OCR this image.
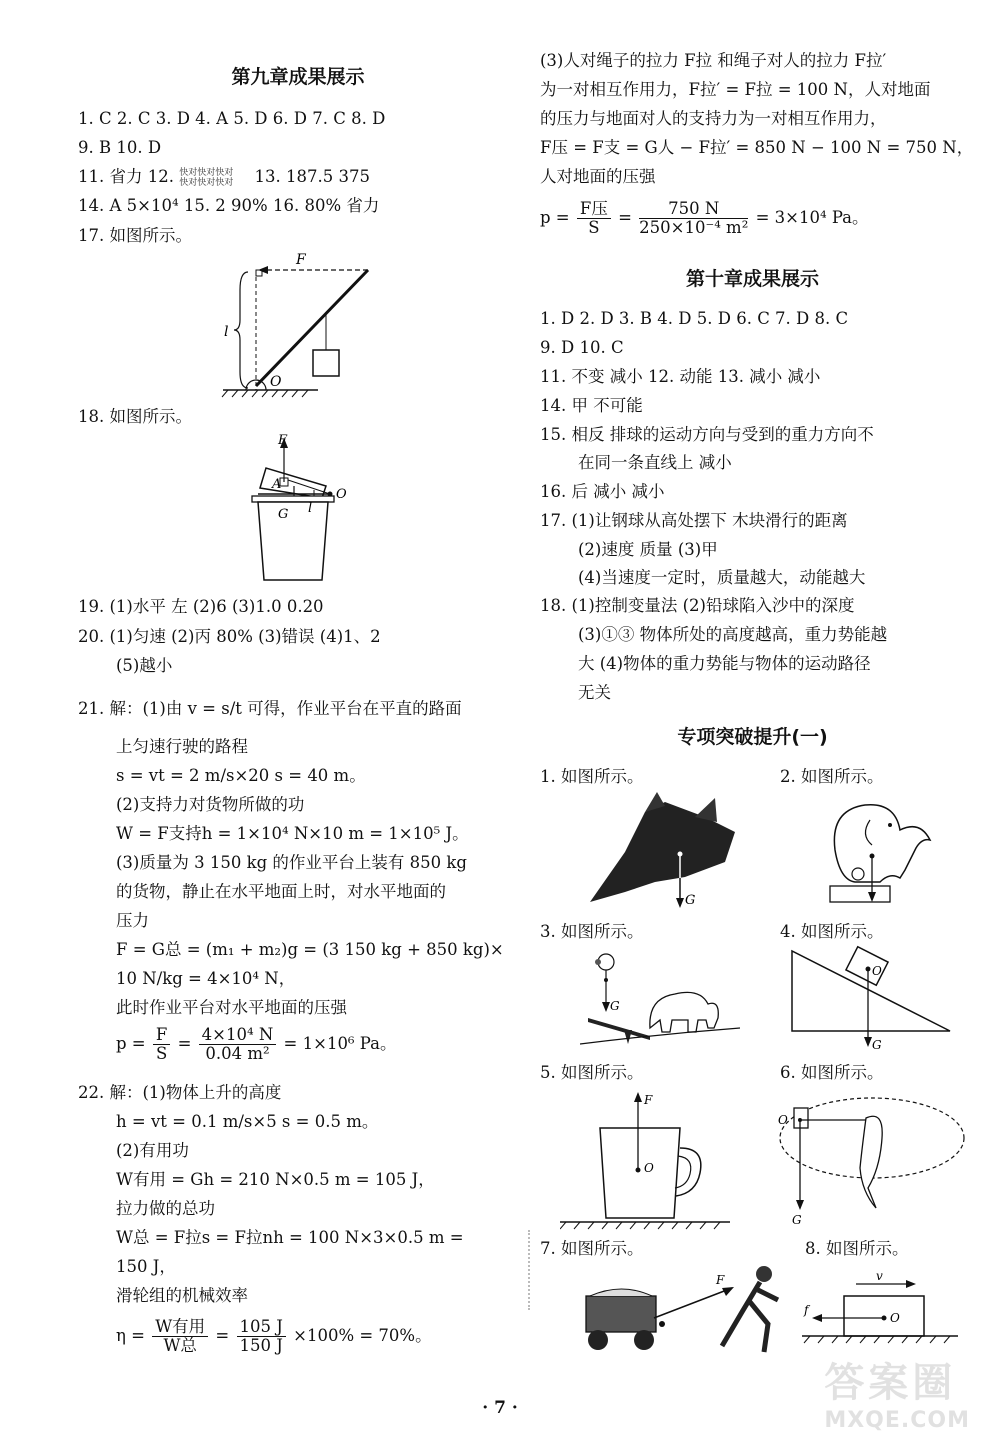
第九章成果展示
1. C 2. C 3. D 4. A 5. D 6. D 7. C 8. D
9. B 10. D
11. 省力 12. 快对快对快对
快对快对快对 13. 187.5 375
14. A 5×10⁴ 15. 2 90% 16. 80% 省力
17. 如图所示。
F
l
O
18. 如图所示。
F
A
O
G l
19. (1)水平 左 (2)6 (3)1.0 0.20
20. (1)匀速 (2)丙 80% (3)错误 (4)1、2
(5)越小
21. 解：(1)由 v = s/t 可得，作业平台在平直的路面
上匀速行驶的路程
s = vt = 2 m/s×20 s = 40 m。
(2)支持力对货物所做的功
W = F支持h = 1×10⁴ N×10 m = 1×10⁵ J。
(3)质量为 3 150 kg 的作业平台上装有 850 kg
的货物，静止在水平地面上时，对水平地面的
压力
F = G总 = (m₁ + m₂)g = (3 150 kg + 850 kg)×
10 N/kg = 4×10⁴ N，
此时作业平台对水平地面的压强
$p = \frac{F}{S} = \frac{\text{4×10⁴ N}}{\text{0.04 m²}} = 1\times 10^6$ Pa。
22. 解：(1)物体上升的高度
h = vt = 0.1 m/s×5 s = 0.5 m。
(2)有用功
W有用 = Gh = 210 N×0.5 m = 105 J，
拉力做的总功
W总 = F拉s = F拉nh = 100 N×3×0.5 m =
150 J，
滑轮组的机械效率
$\eta = \frac{\text{W有用}}{\text{W总}} = \frac{105 J}{150 J} \times 100\% = 70\%$。
(3)人对绳子的拉力 F拉 和绳子对人的拉力 F拉′
为一对相互作用力，F拉′ = F拉 = 100 N，人对地面
的压力与地面对人的支持力为一对相互作用力，
F压 = F支 = G人 − F拉′ = 850 N − 100 N = 750 N，
人对地面的压强
$p = \frac{\text{F压}}{S} = \frac{750 N}{\text{250×10⁻⁴ m²}} = 3\times 10^4$ Pa。
第十章成果展示
1. D 2. D 3. B 4. D 5. D 6. C 7. D 8. C
9. D 10. C
11. 不变 减小 12. 动能 13. 减小 减小
14. 甲 不可能
15. 相反 排球的运动方向与受到的重力方向不
在同一条直线上 减小
16. 后 减小 减小
17. (1)让钢球从高处摆下 木块滑行的距离
(2)速度 质量 (3)甲
(4)当速度一定时，质量越大，动能越大
18. (1)控制变量法 (2)铅球陷入沙中的深度
(3)①③ 物体所处的高度越高，重力势能越
大 (4)物体的重力势能与物体的运动路径
无关
专项突破提升(一)
1. 如图所示。	2. 如图所示。
G
3. 如图所示。	4. 如图所示。
G
O
G
5. 如图所示。	6. 如图所示。
F
O
O
G
7. 如图所示。	8. 如图所示。
F	v
f
O
· 7 ·
答案圈
MXQE.COM
